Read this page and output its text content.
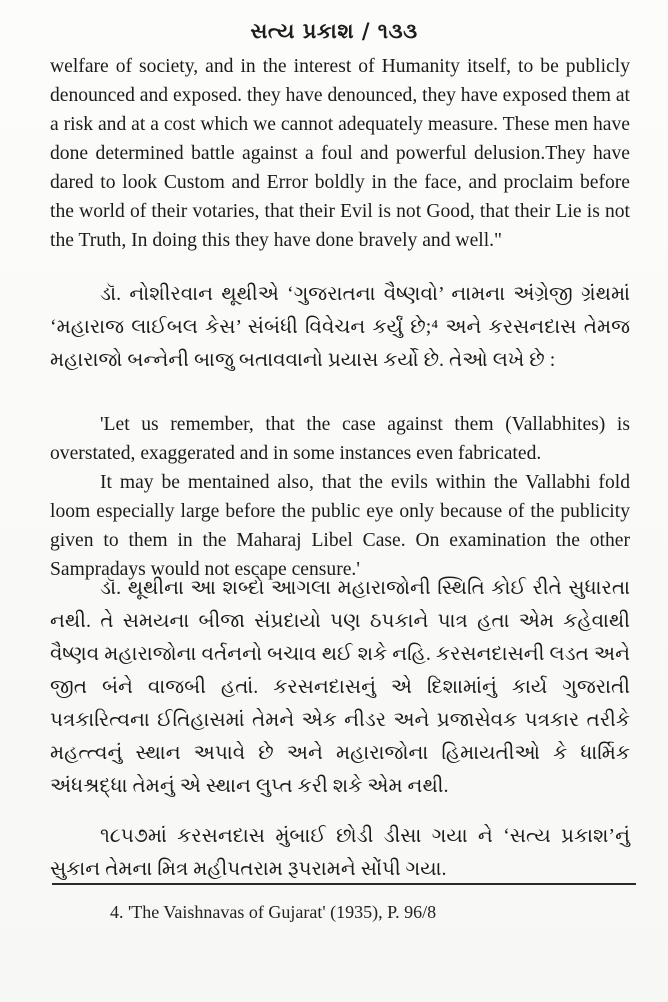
સત્ય પ્રકાશ / ૧૩૩

welfare of society, and in the interest of Humanity itself, to be publicly denounced and exposed. they have denounced, they have exposed them at a risk and at a cost which we cannot adequately measure. These men have done determined battle against a foul and powerful delusion.They have dared to look Custom and Error boldly in the face, and proclaim before the world of their votaries, that their Evil is not Good, that their Lie is not the Truth, In doing this they have done bravely and well."

ડૉ. નોશીરવાન થૂથીએ ‘ગુજરાતના વૈષ્ણવો’ નામના અંગ્રેજી ગ્રંથમાં ‘મહારાજ લાઈબલ કેસ’ સંબંધી વિવેચન કર્યું છે;⁴ અને કરસનદાસ તેમજ મહારાજો બન્નેની બાજુ બતાવવાનો પ્રયાસ કર્યો છે. તેઓ લખે છે :

'Let us remember, that the case against them (Vallabhites) is overstated, exaggerated and in some instances even fabricated.

It may be mentained also, that the evils within the Vallabhi fold loom especially large before the public eye only because of the publicity given to them in the Maharaj Libel Case. On examination the other Sampradays would not escape censure.'

ડૉ. થૂથીના આ શબ્દો આગલા મહારાજોની સ્થિતિ કોઈ રીતે સુધારતા નથી. તે સમયના બીજા સંપ્રદાયો પણ ઠપકાને પાત્ર હતા એમ કહેવાથી વૈષ્ણવ મહારાજોના વર્તનનો બચાવ થઈ શકે નહિ. કરસનદાસની લડત અને જીત બંને વાજબી હતાં. કરસનદાસનું એ દિશામાંનું કાર્ય ગુજરાતી પત્રકારિત્વના ઈતિહાસમાં તેમને એક નીડર અને પ્રજાસેવક પત્રકાર તરીકે મહત્ત્વનું સ્થાન અપાવે છે અને મહારાજોના હિમાયતીઓ કે ધાર્મિક અંધશ્રદ્ધા તેમનું એ સ્થાન લુપ્ત કરી શકે એમ નથી.

૧૮૫૭માં કરસનદાસ મુંબાઈ છોડી ડીસા ગયા ને ‘સત્ય પ્રકાશ’નું સુકાન તેમના મિત્ર મહીપતરામ રૂપરામને સોંપી ગયા.

4. 'The Vaishnavas of Gujarat' (1935), P. 96/8
